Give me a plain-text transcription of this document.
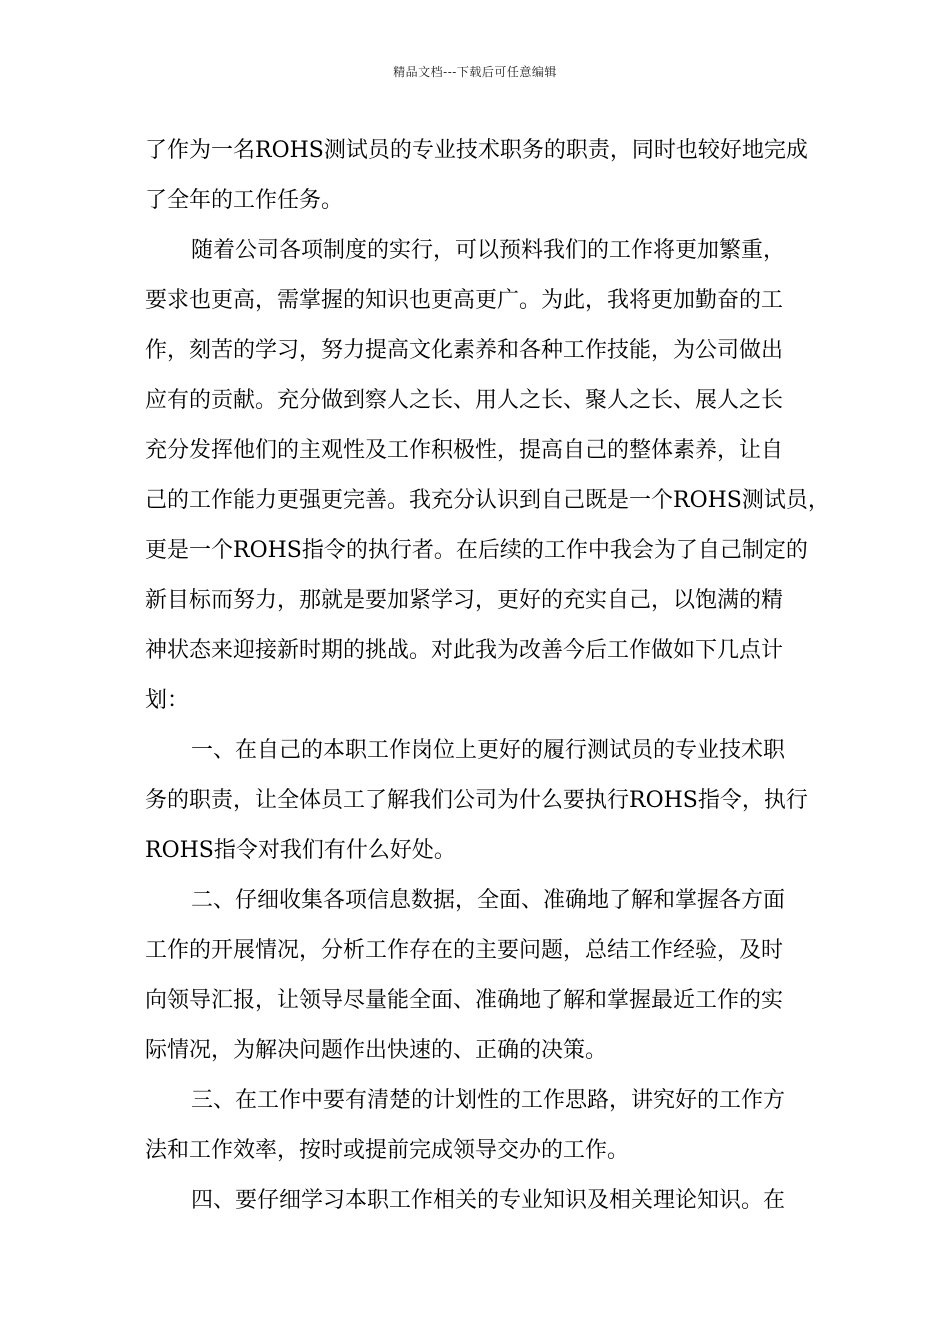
精品文档---下载后可任意编辑
了作为一名ROHS测试员的专业技术职务的职责，同时也较好地完成
了全年的工作任务。
随着公司各项制度的实行，可以预料我们的工作将更加繁重，
要求也更高，需掌握的知识也更高更广。为此，我将更加勤奋的工
作，刻苦的学习，努力提高文化素养和各种工作技能，为公司做出
应有的贡献。充分做到察人之长、用人之长、聚人之长、展人之长
充分发挥他们的主观性及工作积极性，提高自己的整体素养，让自
己的工作能力更强更完善。我充分认识到自己既是一个ROHS测试员，
更是一个ROHS指令的执行者。在后续的工作中我会为了自己制定的
新目标而努力，那就是要加紧学习，更好的充实自己，以饱满的精
神状态来迎接新时期的挑战。对此我为改善今后工作做如下几点计
划：
一、在自己的本职工作岗位上更好的履行测试员的专业技术职
务的职责，让全体员工了解我们公司为什么要执行ROHS指令，执行
ROHS指令对我们有什么好处。
二、仔细收集各项信息数据，全面、准确地了解和掌握各方面
工作的开展情况，分析工作存在的主要问题，总结工作经验，及时
向领导汇报，让领导尽量能全面、准确地了解和掌握最近工作的实
际情况，为解决问题作出快速的、正确的决策。
三、在工作中要有清楚的计划性的工作思路，讲究好的工作方
法和工作效率，按时或提前完成领导交办的工作。
四、要仔细学习本职工作相关的专业知识及相关理论知识。在
